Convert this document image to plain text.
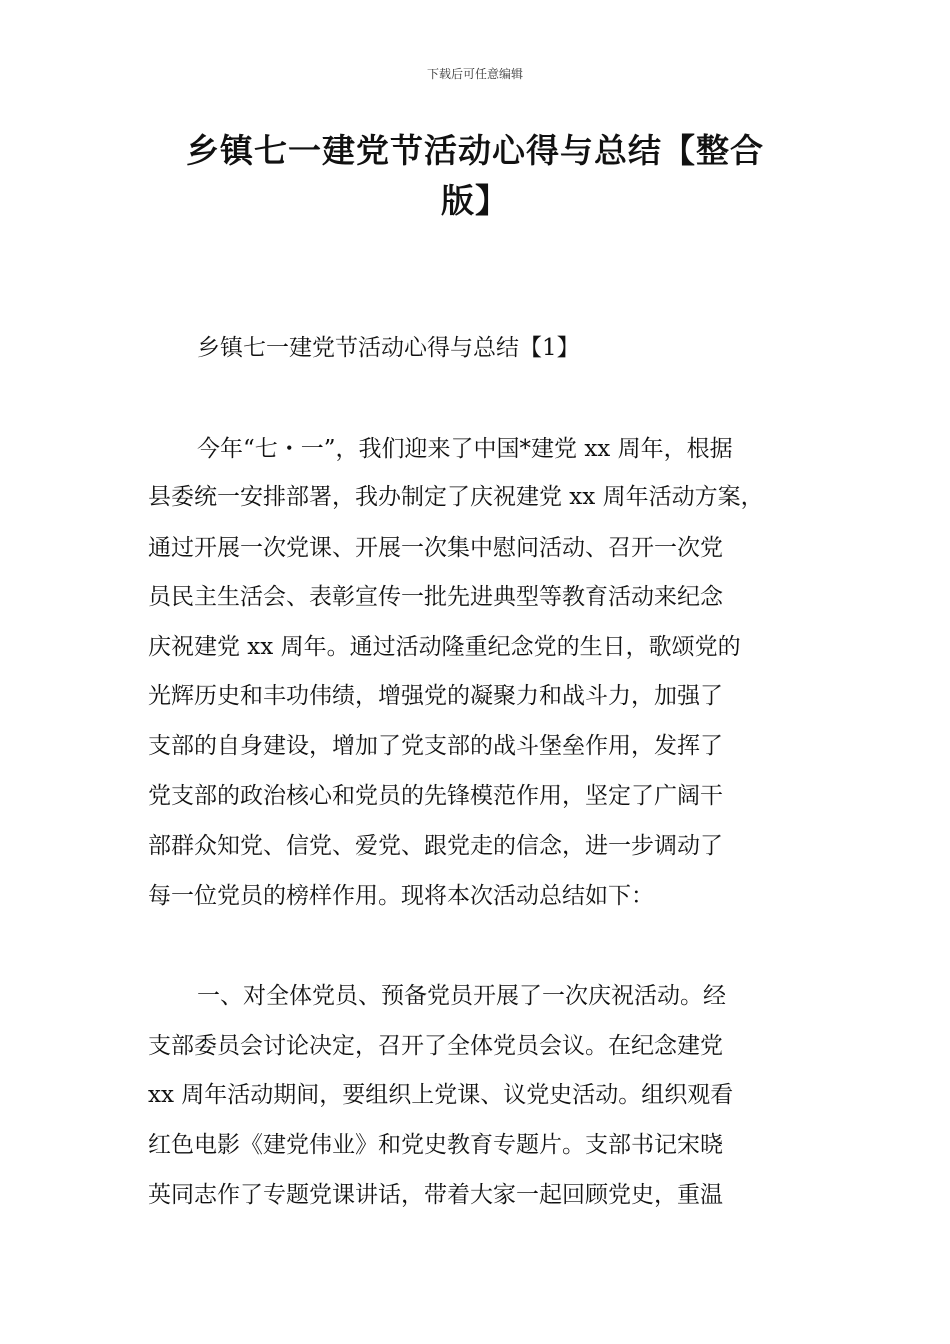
下载后可任意编辑
乡镇七一建党节活动心得与总结【整合
版】
乡镇七一建党节活动心得与总结【1】
今年“七・一”，我们迎来了中国*建党 xx 周年，根据
县委统一安排部署，我办制定了庆祝建党 xx 周年活动方案，
通过开展一次党课、开展一次集中慰问活动、召开一次党
员民主生活会、表彰宣传一批先进典型等教育活动来纪念
庆祝建党 xx 周年。通过活动隆重纪念党的生日，歌颂党的
光辉历史和丰功伟绩，增强党的凝聚力和战斗力，加强了
支部的自身建设，增加了党支部的战斗堡垒作用，发挥了
党支部的政治核心和党员的先锋模范作用，坚定了广阔干
部群众知党、信党、爱党、跟党走的信念，进一步调动了
每一位党员的榜样作用。现将本次活动总结如下：
一、对全体党员、预备党员开展了一次庆祝活动。经
支部委员会讨论决定，召开了全体党员会议。在纪念建党
xx 周年活动期间，要组织上党课、议党史活动。组织观看
红色电影《建党伟业》和党史教育专题片。支部书记宋晓
英同志作了专题党课讲话，带着大家一起回顾党史，重温
